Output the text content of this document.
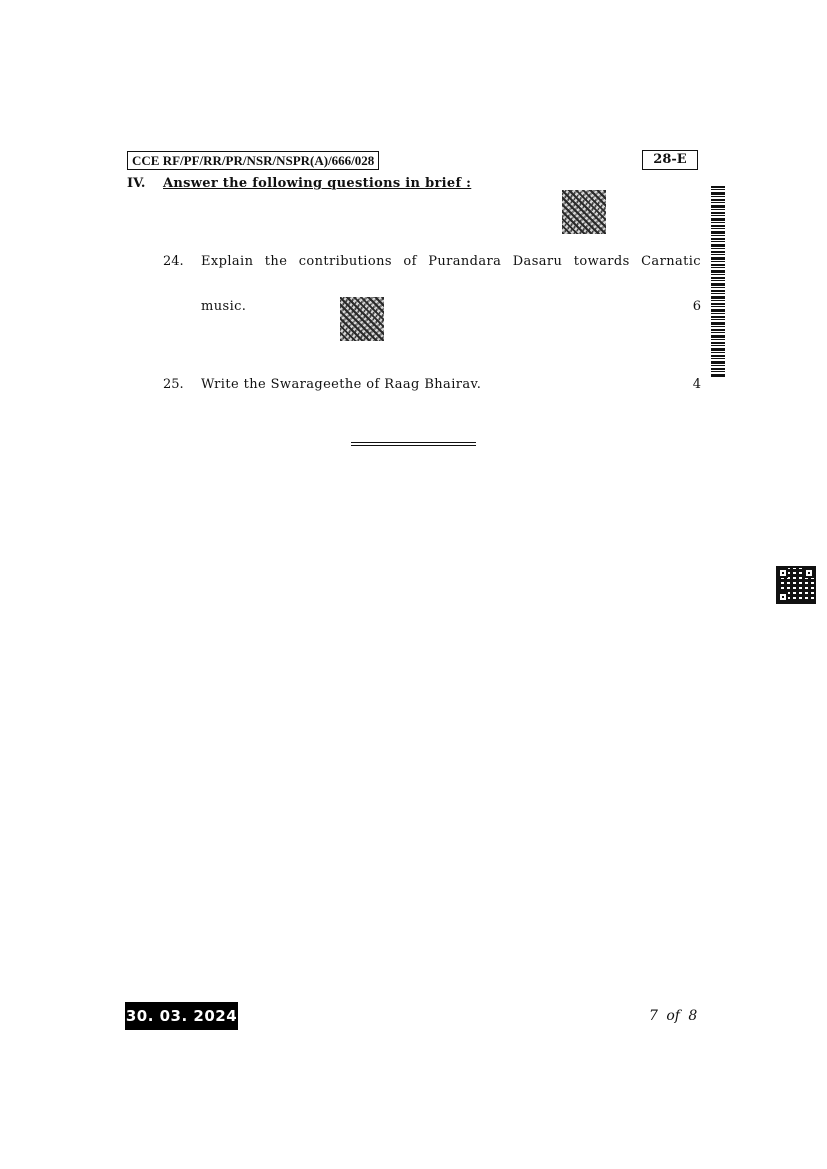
CCE RF/PF/RR/PR/NSR/NSPR(A)/666/028	28-E
IV. Answer the following questions in brief :
24. Explain the contributions of Purandara Dasaru towards Carnatic
music.	6
25. Write the Swarageethe of Raag Bhairav.	4
30. 03. 2024	7 of 8
